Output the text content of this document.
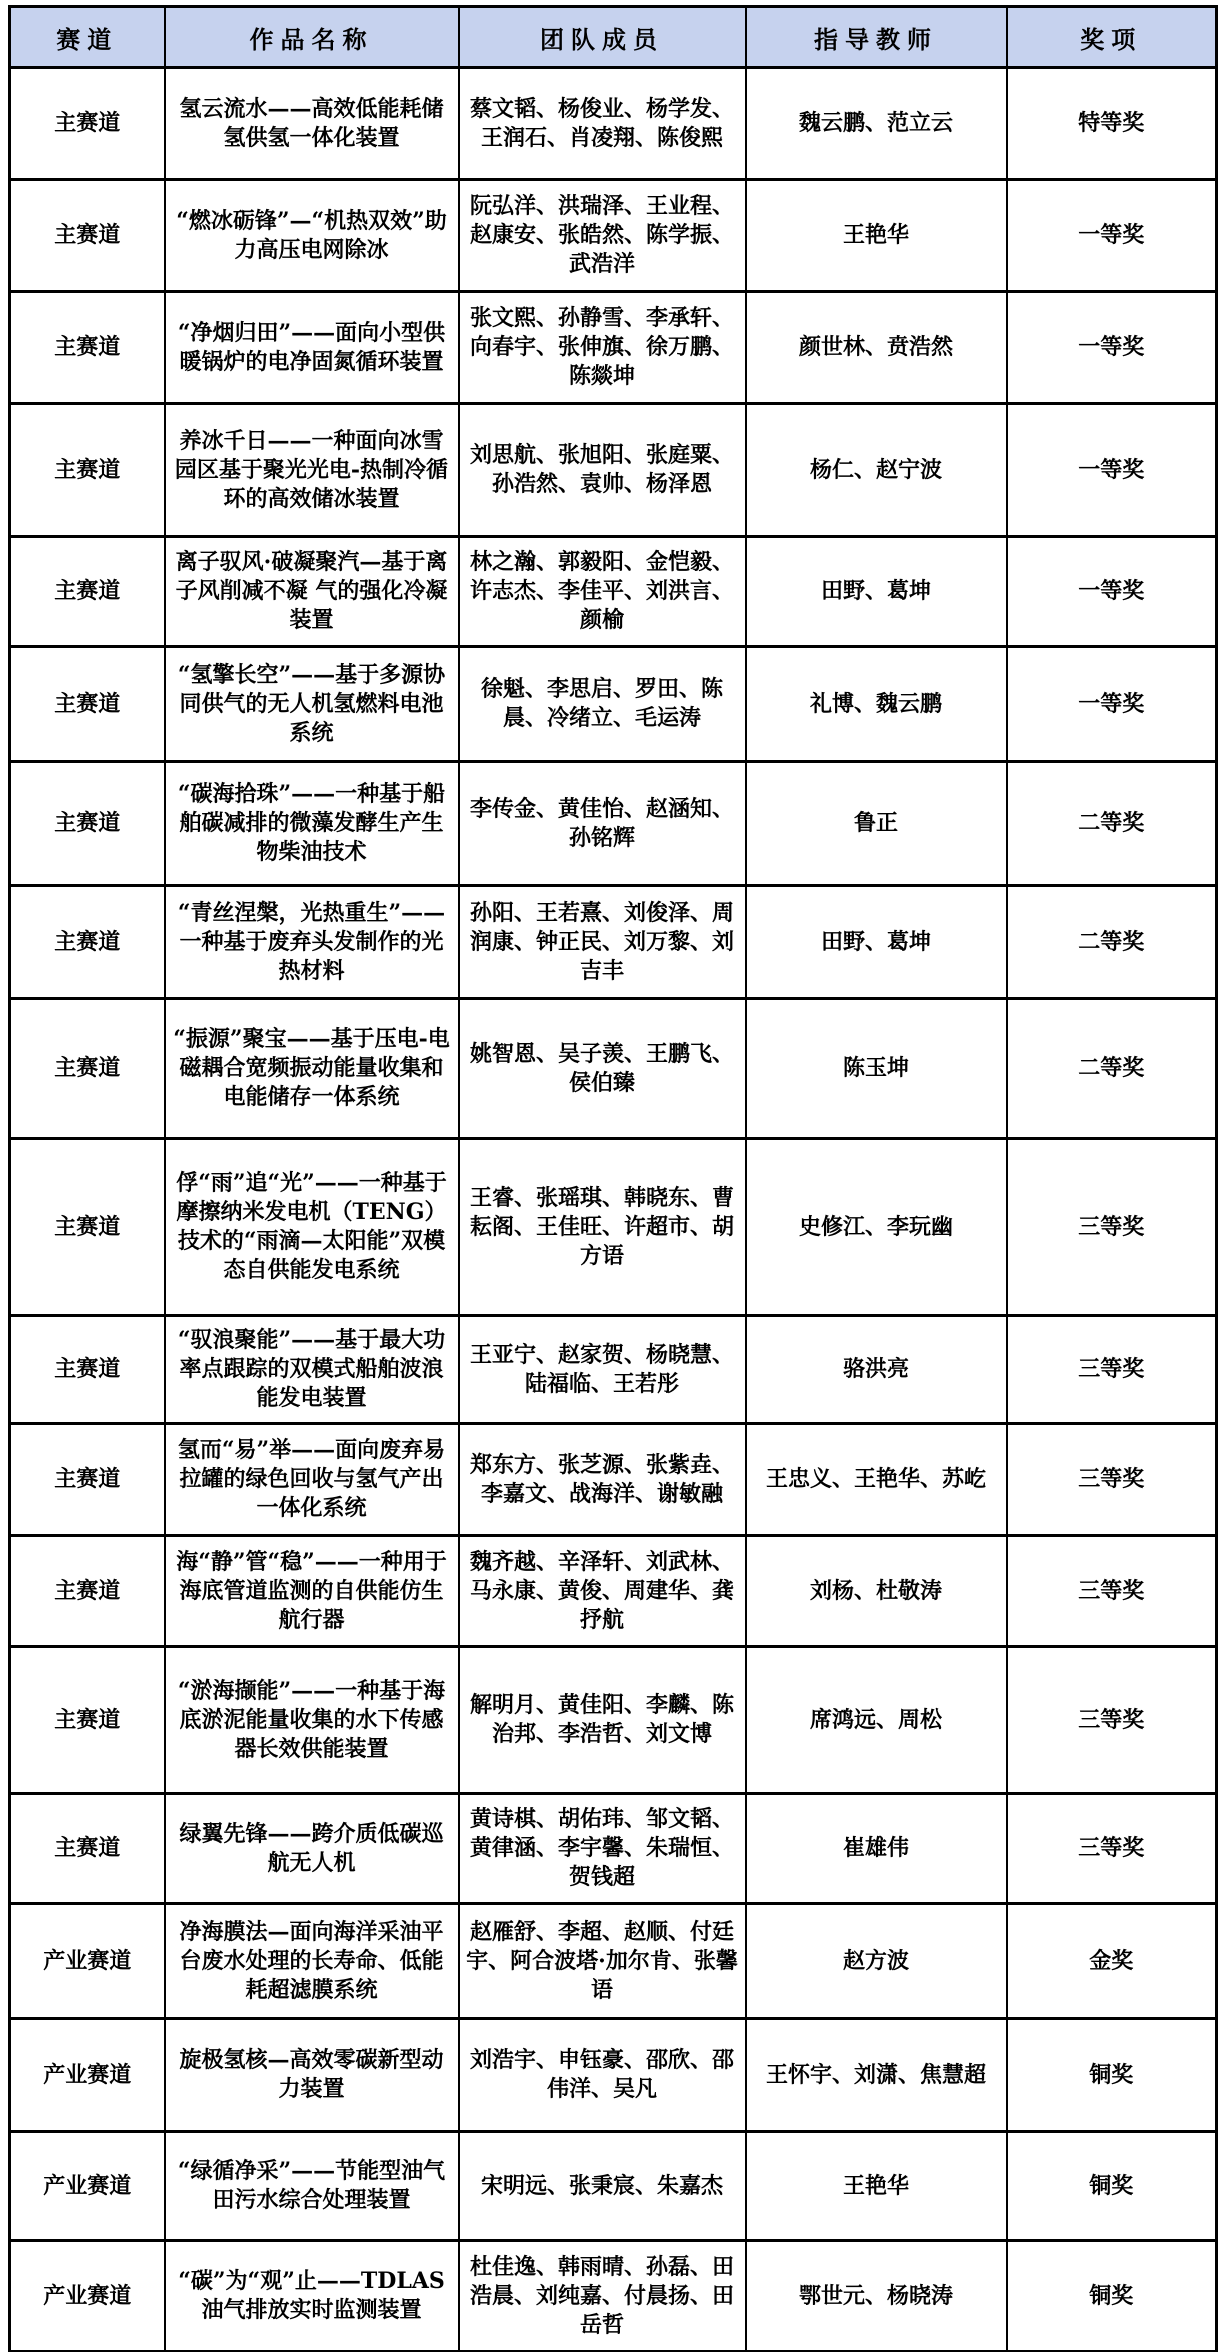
赛道	作品名称	团队成员	指导教师	奖项
主赛道	氢云流水——高效低能耗储氢供氢一体化装置	蔡文韬、杨俊业、杨学发、王润石、肖凌翔、陈俊熙	魏云鹏、范立云	特等奖
主赛道	“燃冰砺锋”—“机热双效”助力高压电网除冰	阮弘洋、洪瑞泽、王业程、赵康安、张皓然、陈学振、武浩洋	王艳华	一等奖
主赛道	“净烟归田”——面向小型供暖锅炉的电净固氮循环装置	张文熙、孙静雪、李承轩、向春宇、张伸旗、徐万鹏、陈燚坤	颜世林、贲浩然	一等奖
主赛道	养冰千日——一种面向冰雪园区基于聚光光电-热制冷循环的高效储冰装置	刘思航、张旭阳、张庭粟、孙浩然、袁帅、杨泽恩	杨仁、赵宁波	一等奖
主赛道	离子驭风·破凝聚汽—基于离子风削减不凝 气的强化冷凝装置	林之瀚、郭毅阳、金恺毅、许志杰、李佳平、刘洪言、颜榆	田野、葛坤	一等奖
主赛道	“氢擎长空”——基于多源协同供气的无人机氢燃料电池系统	徐魁、李思启、罗田、陈晨、冷绪立、毛运涛	礼博、魏云鹏	一等奖
主赛道	“碳海拾珠”——一种基于船舶碳减排的微藻发酵生产生物柴油技术	李传金、黄佳怡、赵涵知、孙铭辉	鲁正	二等奖
主赛道	“青丝涅槃，光热重生”——一种基于废弃头发制作的光热材料	孙阳、王若熹、刘俊泽、周润康、钟正民、刘万黎、刘吉丰	田野、葛坤	二等奖
主赛道	“振源”聚宝——基于压电-电磁耦合宽频振动能量收集和电能储存一体系统	姚智恩、吴子羡、王鹏飞、侯伯臻	陈玉坤	二等奖
主赛道	俘“雨”追“光”——一种基于摩擦纳米发电机（TENG）技术的“雨滴—太阳能”双模态自供能发电系统	王睿、张瑶琪、韩晓东、曹耘阁、王佳旺、许超市、胡方语	史修江、李玩幽	三等奖
主赛道	“驭浪聚能”——基于最大功率点跟踪的双模式船舶波浪能发电装置	王亚宁、赵家贺、杨晓慧、陆福临、王若彤	骆洪亮	三等奖
主赛道	氢而“易”举——面向废弃易拉罐的绿色回收与氢气产出一体化系统	郑东方、张芝源、张紫垚、李嘉文、战海洋、谢敏融	王忠义、王艳华、苏屹	三等奖
主赛道	海“静”管“稳”——一种用于海底管道监测的自供能仿生航行器	魏齐越、辛泽轩、刘武林、马永康、黄俊、周建华、龚抒航	刘杨、杜敬涛	三等奖
主赛道	“淤海撷能”——一种基于海底淤泥能量收集的水下传感器长效供能装置	解明月、黄佳阳、李麟、陈治邦、李浩哲、刘文博	席鸿远、周松	三等奖
主赛道	绿翼先锋——跨介质低碳巡航无人机	黄诗棋、胡佑玮、邹文韬、黄律涵、李宇馨、朱瑞恒、贺钱超	崔雄伟	三等奖
产业赛道	净海膜法—面向海洋采油平台废水处理的长寿命、低能耗超滤膜系统	赵雁舒、李超、赵顺、付廷宇、阿合波塔·加尔肯、张馨语	赵方波	金奖
产业赛道	旋极氢核—高效零碳新型动力装置	刘浩宇、申钰豪、邵欣、邵伟洋、吴凡	王怀宇、刘潇、焦慧超	铜奖
产业赛道	“绿循净采”——节能型油气田污水综合处理装置	宋明远、张秉宸、朱嘉杰	王艳华	铜奖
产业赛道	“碳”为“观”止——TDLAS油气排放实时监测装置	杜佳逸、韩雨晴、孙磊、田浩晨、刘纯嘉、付晨扬、田岳哲	鄂世元、杨晓涛	铜奖
